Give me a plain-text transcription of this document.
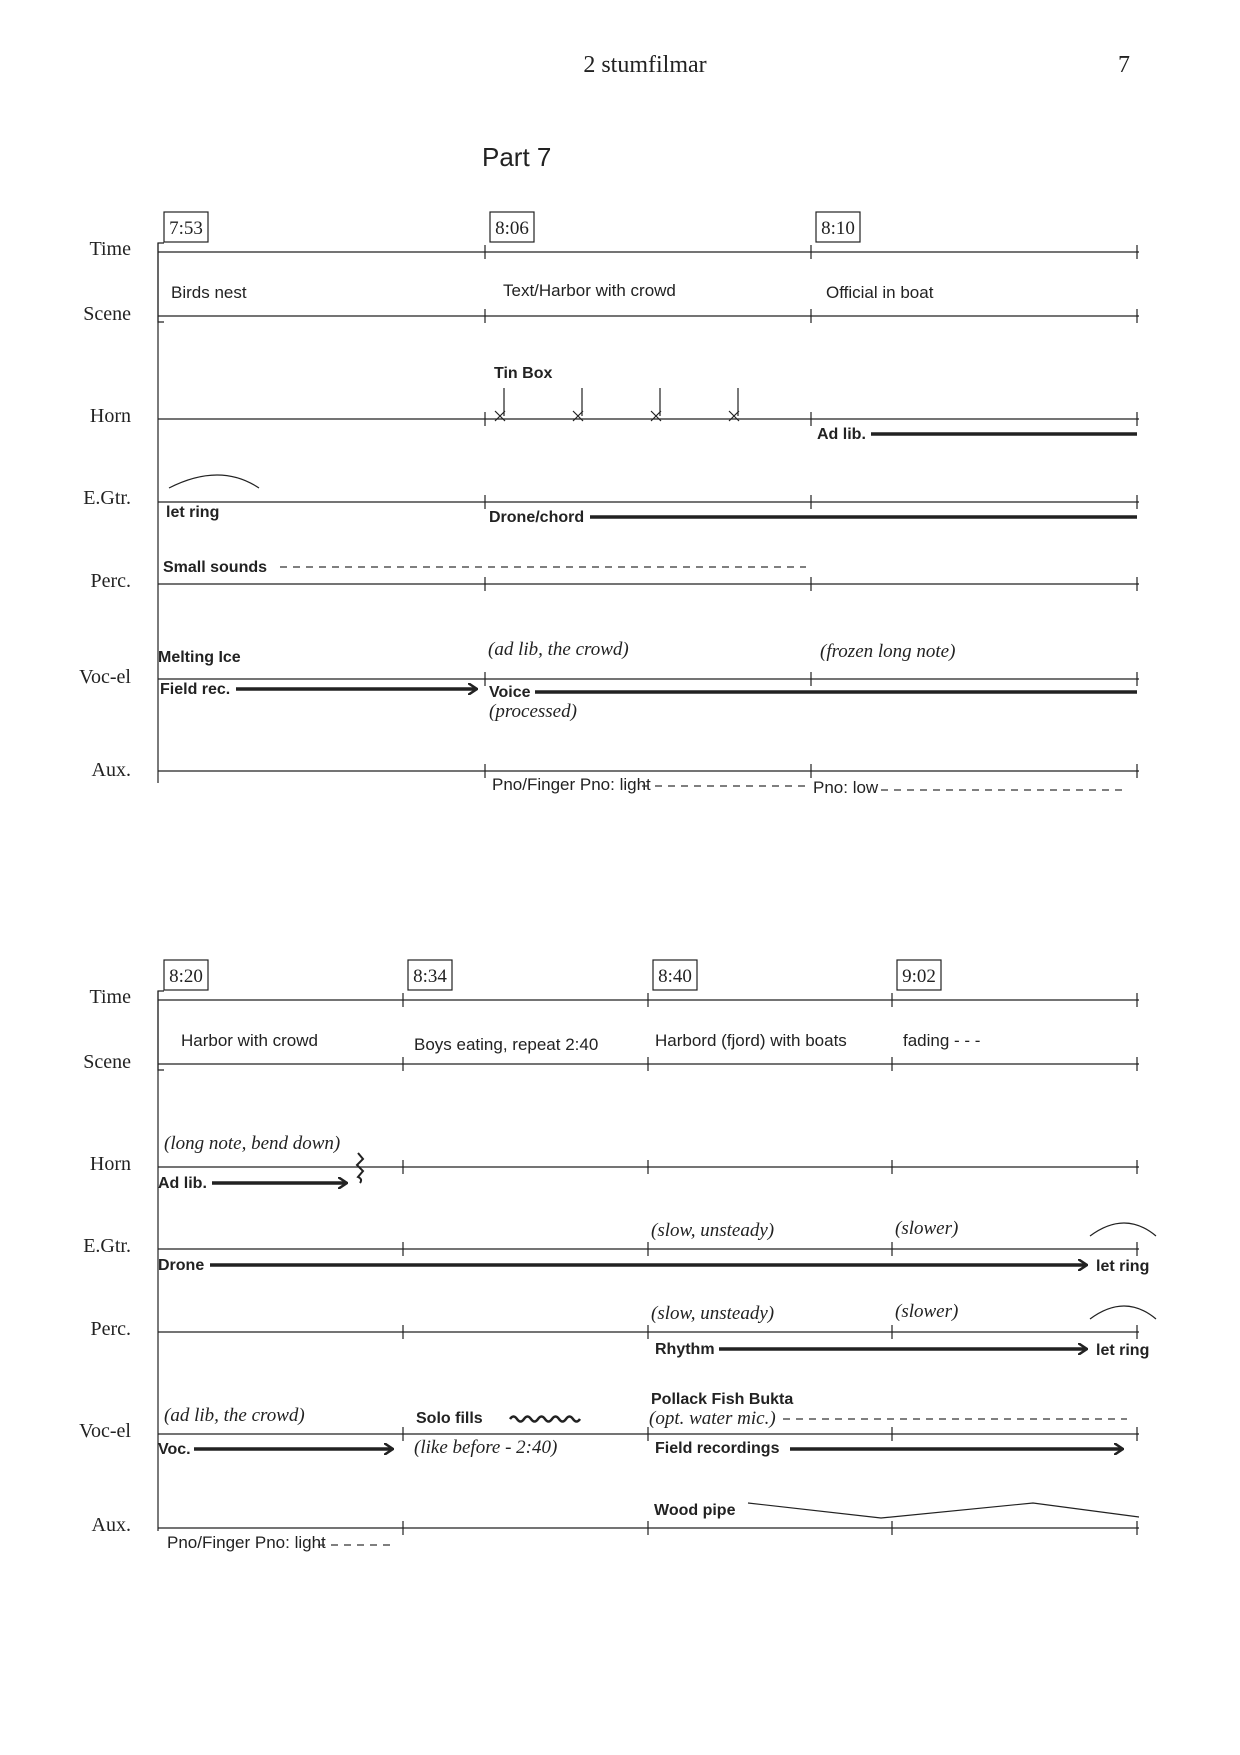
2 stumfilmar	7
Part 7
Time
Scene
Horn
E.Gtr.
Perc.
Voc-el
Aux.
7:53	8:06	8:10
Birds nest	Text/Harbor with crowd	Official in boat
Tin Box
Ad lib.
let ring	Drone/chord
Small sounds
Melting Ice	(ad lib, the crowd)	(frozen long note)
Field rec.	Voice
(processed)
Pno/Finger Pno: light	Pno: low
Time
Scene
Horn
E.Gtr.
Perc.
Voc-el
Aux.
8:20	8:34	8:40	9:02
Harbor with crowd	Boys eating, repeat 2:40	Harbord (fjord) with boats	fading - - -
(long note, bend down)
Ad lib.
(slow, unsteady)	(slower)
Drone	let ring
(slow, unsteady)	(slower)
Rhythm	let ring
(ad lib, the crowd)
Voc.
Solo fills
(like before - 2:40)
Pollack Fish Bukta
(opt. water mic.)
Field recordings
Wood pipe
Pno/Finger Pno: light
